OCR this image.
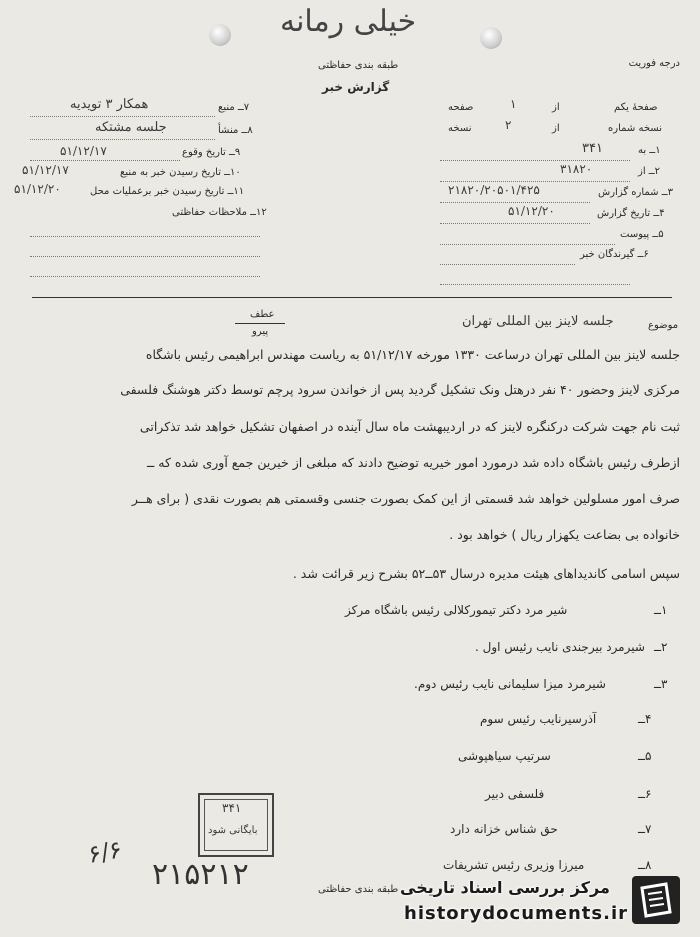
خیلی رمانه
درجه فوریت
طبقه بندی حفاظتی
گزارش خبر
۷ــ منبع
همکار ۳ تویدیه
۸ــ منشأ
جلسه مشتکه
۹ــ تاریخ وقوع
۵۱/۱۲/۱۷
۱۰ــ تاریخ رسیدن خبر به منبع
۵۱/۱۲/۱۷
۱۱ــ تاریخ رسیدن خبر برعملیات محل
۵۱/۱۲/۲۰
۱۲ــ ملاحظات حفاظتی
صفحهٔ یکم
از
۱
صفحه
نسخه شماره
از
۲
نسخه
۱ــ به
۳۴۱
۲ــ از
۳۱۸۲۰
۳ــ شماره گزارش
۲۱۸۲۰/۲۰۵۰۱/۴۲۵
۴ــ تاریخ گزارش
۵۱/۱۲/۲۰
۵ــ پیوست
۶ــ گیرندگان خبر
عطف
پیرو
موضوع
جلسه لاینز بین المللی تهران
جلسه لاینز بین المللی تهران درساعت ۱۳۳۰ مورخه ۵۱/۱۲/۱۷ به ریاست مهندس ابراهیمی رئیس باشگاه
مرکزی لاینز وحضور ۴۰ نفر درهتل ونک تشکیل گردید پس از خواندن سرود پرچم توسط دکتر هوشنگ فلسفی
ثبت نام جهت شرکت درکنگره لاینز که در اردیبهشت ماه سال آینده در اصفهان تشکیل خواهد شد تذکراتی
ازطرف رئیس باشگاه داده شد درمورد امور خیریه توضیح دادند که مبلغی از خیرین جمع آوری شده که ــ
صرف امور مسلولین خواهد شد قسمتی از این کمک بصورت جنسی وقسمتی هم بصورت نقدی ( برای هــر
خانواده بی بضاعت یکهزار ریال ) خواهد بود .
سپس اسامی کاندیداهای هیئت مدیره درسال ۵۳ــ۵۲ بشرح زیر قرائت شد .
۱ــ
شیر مرد دکتر تیمورکلالی رئیس باشگاه مرکز
۲ــ
شیرمرد بیرجندی نایب رئیس اول .
۳ــ
شیرمرد میزا سلیمانی نایب رئیس دوم.
۴ــ
آذرسیرنایب رئیس سوم
۵ــ
سرتیپ سیاهپوشی
۶ــ
فلسفی دبیر
۷ــ
حق شناس خزانه دارد
۸ــ
میرزا وزیری رئیس تشریفات
۳۴۱
بایگانی شود
۲۱۵۲۱۲
۶/۶
طبقه بندی حفاظتی مرکز بررسی اسناد تاریخی
historydocuments.ir
